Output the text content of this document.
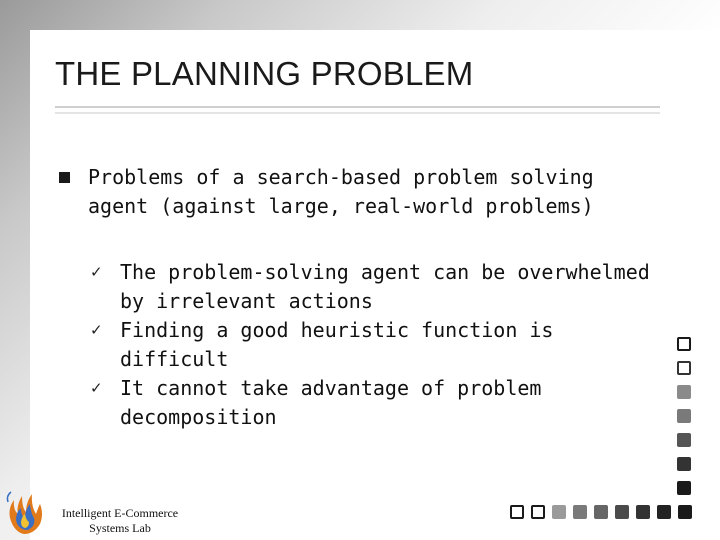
THE PLANNING PROBLEM
Problems of a search-based problem solving agent (against large, real-world problems)
✓ The problem-solving agent can be overwhelmed by irrelevant actions
✓ Finding a good heuristic function is difficult
✓ It cannot take advantage of problem decomposition
Intelligent E-Commerce
Systems Lab
